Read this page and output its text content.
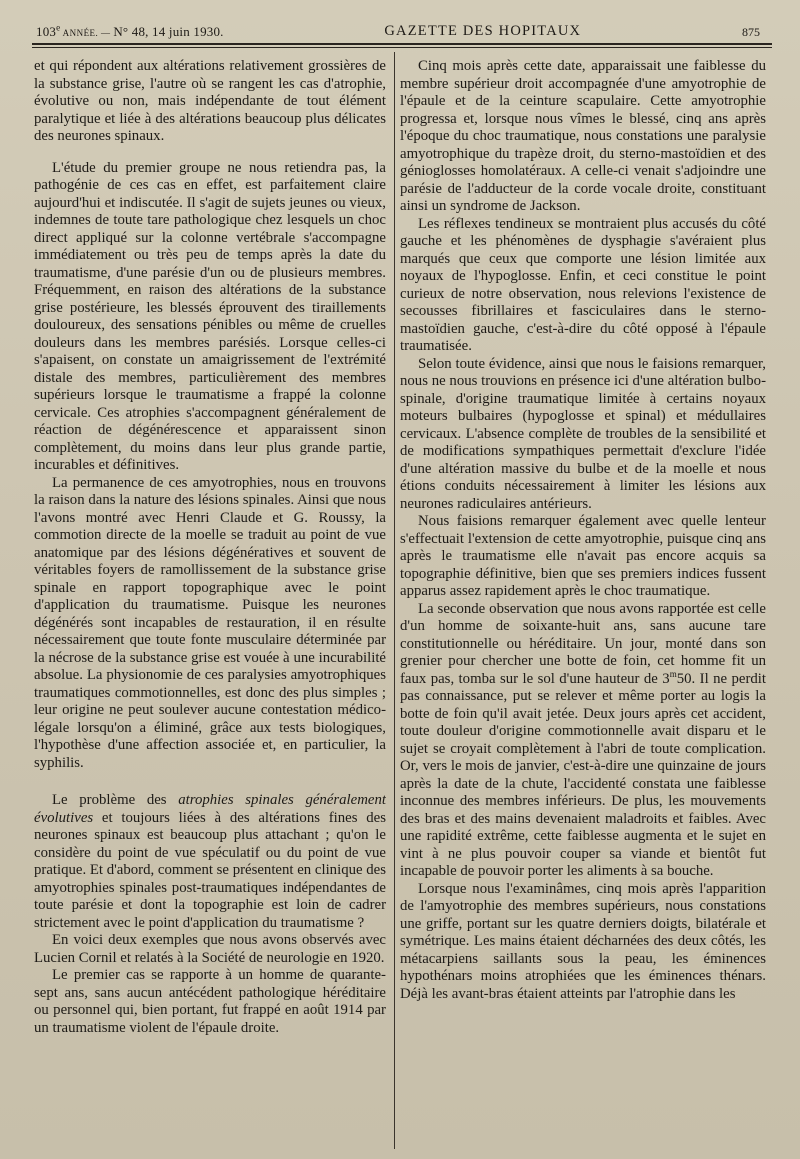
103e ANNÉE. — N° 48, 14 juin 1930.	GAZETTE DES HOPITAUX	875

et qui répondent aux altérations relativement grossières de la substance grise, l'autre où se rangent les cas d'atrophie, évolutive ou non, mais indépendante de tout élément paralytique et liée à des altérations beaucoup plus délicates des neurones spinaux.

L'étude du premier groupe ne nous retiendra pas, la pathogénie de ces cas en effet, est parfaitement claire aujourd'hui et indiscutée. Il s'agit de sujets jeunes ou vieux, indemnes de toute tare pathologique chez lesquels un choc direct appliqué sur la colonne vertébrale s'accompagne immédiatement ou très peu de temps après la date du traumatisme, d'une parésie d'un ou de plusieurs membres. Fréquemment, en raison des altérations de la substance grise postérieure, les blessés éprouvent des tiraillements douloureux, des sensations pénibles ou même de cruelles douleurs dans les membres parésiés. Lorsque celles-ci s'apaisent, on constate un amaigrissement de l'extrémité distale des membres, particulièrement des membres supérieurs lorsque le traumatisme a frappé la colonne cervicale. Ces atrophies s'accompagnent généralement de réaction de dégénérescence et apparaissent sinon complètement, du moins dans leur plus grande partie, incurables et définitives.

La permanence de ces amyotrophies, nous en trouvons la raison dans la nature des lésions spinales. Ainsi que nous l'avons montré avec Henri Claude et G. Roussy, la commotion directe de la moelle se traduit au point de vue anatomique par des lésions dégénératives et souvent de véritables foyers de ramollissement de la substance grise spinale en rapport topographique avec le point d'application du traumatisme. Puisque les neurones dégénérés sont incapables de restauration, il en résulte nécessairement que toute fonte musculaire déterminée par la nécrose de la substance grise est vouée à une incurabilité absolue. La physionomie de ces paralysies amyotrophiques traumatiques commotionnelles, est donc des plus simples ; leur origine ne peut soulever aucune contestation médico-légale lorsqu'on a éliminé, grâce aux tests biologiques, l'hypothèse d'une affection associée et, en particulier, la syphilis.

Le problème des atrophies spinales généralement évolutives et toujours liées à des altérations fines des neurones spinaux est beaucoup plus attachant ; qu'on le considère du point de vue spéculatif ou du point de vue pratique. Et d'abord, comment se présentent en clinique des amyotrophies spinales post-traumatiques indépendantes de toute parésie et dont la topographie est loin de cadrer strictement avec le point d'application du traumatisme ?

En voici deux exemples que nous avons observés avec Lucien Cornil et relatés à la Société de neurologie en 1920.

Le premier cas se rapporte à un homme de quarante-sept ans, sans aucun antécédent pathologique héréditaire ou personnel qui, bien portant, fut frappé en août 1914 par un traumatisme violent de l'épaule droite.

Cinq mois après cette date, apparaissait une faiblesse du membre supérieur droit accompagnée d'une amyotrophie de l'épaule et de la ceinture scapulaire. Cette amyotrophie progressa et, lorsque nous vîmes le blessé, cinq ans après l'époque du choc traumatique, nous constations une paralysie amyotrophique du trapèze droit, du sterno-mastoïdien et des génioglosses homolatéraux. A celle-ci venait s'adjoindre une parésie de l'adducteur de la corde vocale droite, constituant ainsi un syndrome de Jackson.

Les réflexes tendineux se montraient plus accusés du côté gauche et les phénomènes de dysphagie s'avéraient plus marqués que ceux que comporte une lésion limitée aux noyaux de l'hypoglosse. Enfin, et ceci constitue le point curieux de notre observation, nous relevions l'existence de secousses fibrillaires et fasciculaires dans le sterno-mastoïdien gauche, c'est-à-dire du côté opposé à l'épaule traumatisée.

Selon toute évidence, ainsi que nous le faisions remarquer, nous ne nous trouvions en présence ici d'une altération bulbo-spinale, d'origine traumatique limitée à certains noyaux moteurs bulbaires (hypoglosse et spinal) et médullaires cervicaux. L'absence complète de troubles de la sensibilité et de modifications sympathiques permettait d'exclure l'idée d'une altération massive du bulbe et de la moelle et nous étions conduits nécessairement à limiter les lésions aux neurones radiculaires antérieurs.

Nous faisions remarquer également avec quelle lenteur s'effectuait l'extension de cette amyotrophie, puisque cinq ans après le traumatisme elle n'avait pas encore acquis sa topographie définitive, bien que ses premiers indices fussent apparus assez rapidement après le choc traumatique.

La seconde observation que nous avons rapportée est celle d'un homme de soixante-huit ans, sans aucune tare constitutionnelle ou héréditaire. Un jour, monté dans son grenier pour chercher une botte de foin, cet homme fit un faux pas, tomba sur le sol d'une hauteur de 3$^m$50. Il ne perdit pas connaissance, put se relever et même porter au logis la botte de foin qu'il avait jetée. Deux jours après cet accident, toute douleur d'origine commotionnelle avait disparu et le sujet se croyait complètement à l'abri de toute complication. Or, vers le mois de janvier, c'est-à-dire une quinzaine de jours après la date de la chute, l'accidenté constata une faiblesse inconnue des membres inférieurs. De plus, les mouvements des bras et des mains devenaient maladroits et faibles. Avec une rapidité extrême, cette faiblesse augmenta et le sujet en vint à ne plus pouvoir couper sa viande et bientôt fut incapable de pouvoir porter les aliments à sa bouche.

Lorsque nous l'examinâmes, cinq mois après l'apparition de l'amyotrophie des membres supérieurs, nous constations une griffe, portant sur les quatre derniers doigts, bilatérale et symétrique. Les mains étaient décharnées des deux côtés, les métacarpiens saillants sous la peau, les éminences hypothénars moins atrophiées que les éminences thénars. Déjà les avant-bras étaient atteints par l'atrophie dans les
